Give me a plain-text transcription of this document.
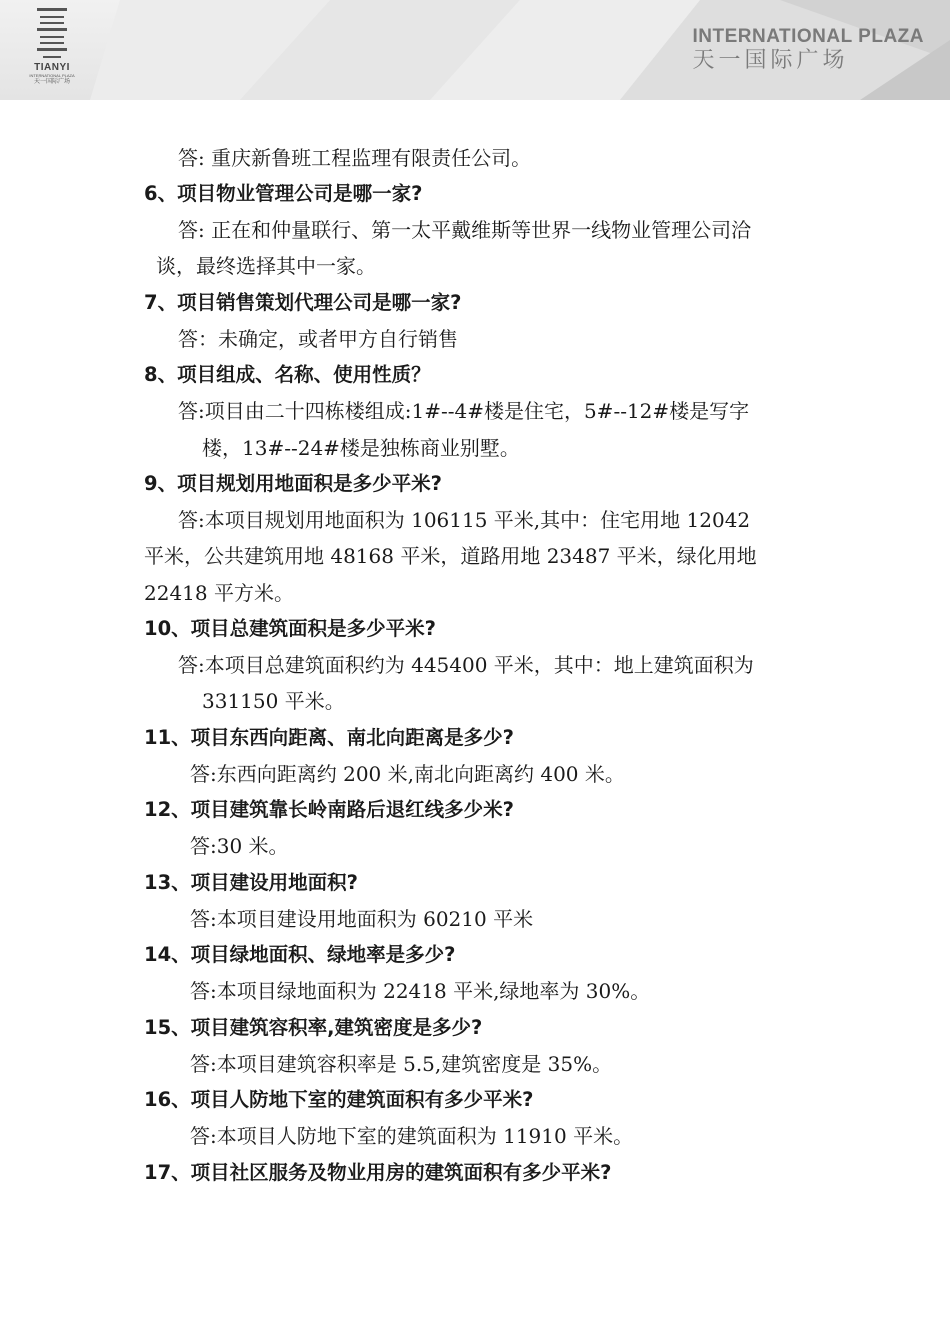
TIANYI
INTERNATIONAL PLAZA
天一国际广场
INTERNATIONAL PLAZA
天一国际广场
答: 重庆新鲁班工程监理有限责任公司。
6、项目物业管理公司是哪一家?
答: 正在和仲量联行、第一太平戴维斯等世界一线物业管理公司洽
谈，最终选择其中一家。
7、项目销售策划代理公司是哪一家?
答：未确定，或者甲方自行销售
8、项目组成、名称、使用性质？
答:项目由二十四栋楼组成:1#--4#楼是住宅，5#--12#楼是写字
楼，13#--24#楼是独栋商业别墅。
9、项目规划用地面积是多少平米?
答:本项目规划用地面积为 106115 平米,其中：住宅用地 12042
平米，公共建筑用地 48168 平米，道路用地 23487 平米，绿化用地
22418 平方米。
10、项目总建筑面积是多少平米?
答:本项目总建筑面积约为 445400 平米，其中：地上建筑面积为
331150 平米。
11、项目东西向距离、南北向距离是多少?
答:东西向距离约 200 米,南北向距离约 400 米。
12、项目建筑靠长岭南路后退红线多少米?
答:30 米。
13、项目建设用地面积?
答:本项目建设用地面积为 60210 平米
14、项目绿地面积、绿地率是多少?
答:本项目绿地面积为 22418 平米,绿地率为 30%。
15、项目建筑容积率,建筑密度是多少?
答:本项目建筑容积率是 5.5,建筑密度是 35%。
16、项目人防地下室的建筑面积有多少平米?
答:本项目人防地下室的建筑面积为 11910 平米。
17、项目社区服务及物业用房的建筑面积有多少平米?
